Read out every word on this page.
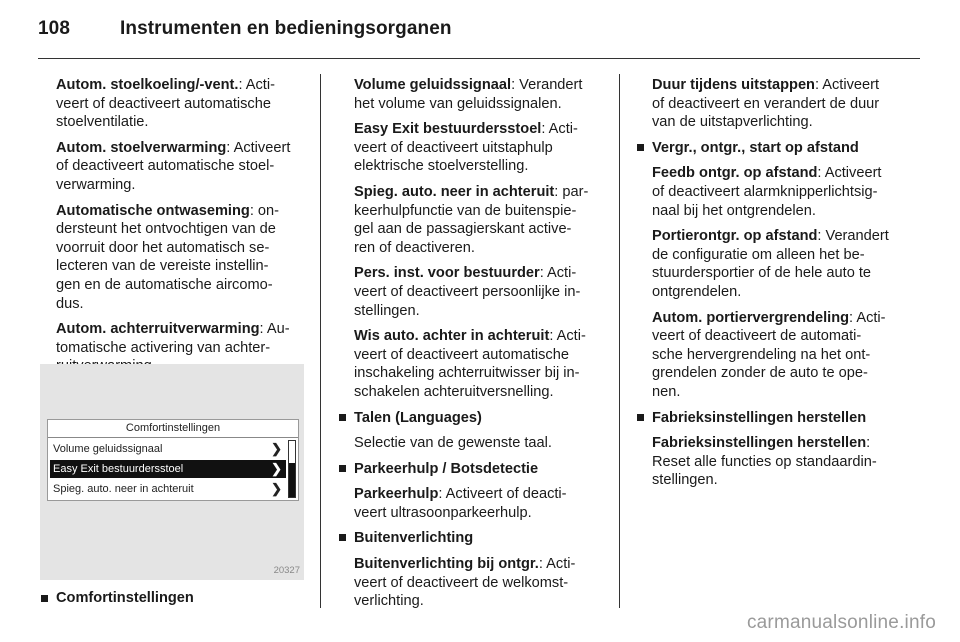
108	Instrumenten en bedieningsorganen

Autom. stoelkoeling/-vent.: Acti-
veert of deactiveert automatische
stoelventilatie.

Autom. stoelverwarming: Activeert
of deactiveert automatische stoel-
verwarming.

Automatische ontwaseming: on-
dersteunt het ontvochtigen van de
voorruit door het automatisch se-
lecteren van de vereiste instellin-
gen en de automatische aircomo-
dus.

Autom. achterruitverwarming: Au-
tomatische activering van achter-

Comfortinstellingen
Volume geluidssignaal	❯
Easy Exit bestuurdersstoel	❯
Spieg. auto. neer in achteruit	❯
20327
Comfortinstellingen

Volume geluidssignaal: Verandert
het volume van geluidssignalen.

Easy Exit bestuurdersstoel: Acti-
veert of deactiveert uitstaphulp
elektrische stoelverstelling.

Spieg. auto. neer in achteruit: par-
keerhulpfunctie van de buitenspie-
gel aan de passagierskant active-
ren of deactiveren.

Pers. inst. voor bestuurder: Acti-
veert of deactiveert persoonlijke in-
stellingen.

Wis auto. achter in achteruit: Acti-
veert of deactiveert automatische
inschakeling achterruitwisser bij in-
schakelen achteruitversnelling.

Talen (Languages)

Selectie van de gewenste taal.

Parkeerhulp / Botsdetectie

Parkeerhulp: Activeert of deacti-
veert ultrasoonparkeerhulp.

Buitenverlichting

Buitenverlichting bij ontgr.: Acti-
veert of deactiveert de welkomst-
verlichting.

Duur tijdens uitstappen: Activeert
of deactiveert en verandert de duur
van de uitstapverlichting.

Vergr., ontgr., start op afstand

Feedb ontgr. op afstand: Activeert
of deactiveert alarmknipperlichtsig-
naal bij het ontgrendelen.

Portierontgr. op afstand: Verandert
de configuratie om alleen het be-
stuurdersportier of de hele auto te
ontgrendelen.

Autom. portiervergrendeling: Acti-
veert of deactiveert de automati-
sche hervergrendeling na het ont-
grendelen zonder de auto te ope-
nen.

Fabrieksinstellingen herstellen

Fabrieksinstellingen herstellen:
Reset alle functies op standaardin-
stellingen.

carmanualsonline.info
